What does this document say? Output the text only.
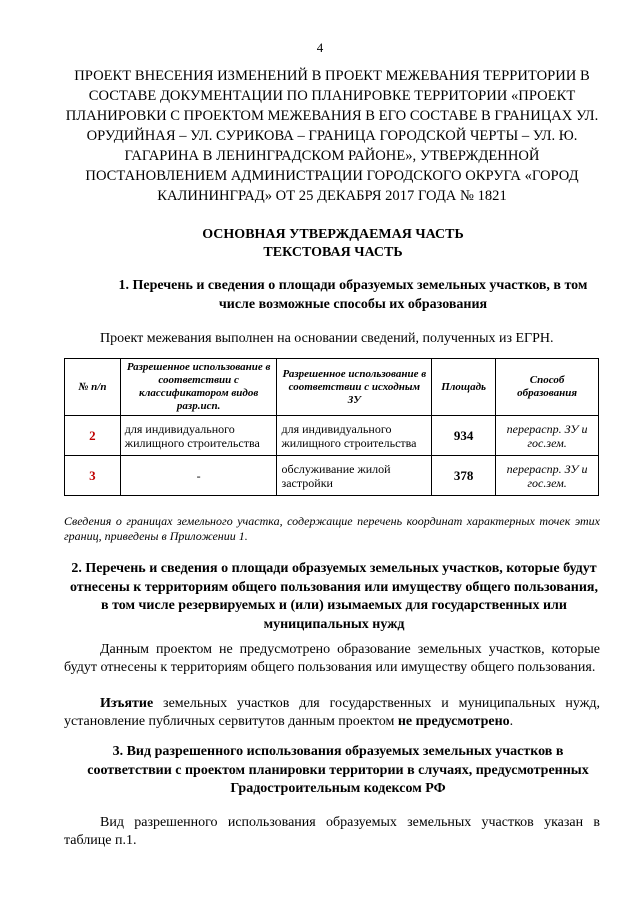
4
ПРОЕКТ ВНЕСЕНИЯ ИЗМЕНЕНИЙ В ПРОЕКТ МЕЖЕВАНИЯ ТЕРРИТОРИИ В СОСТАВЕ ДОКУМЕНТАЦИИ ПО ПЛАНИРОВКЕ ТЕРРИТОРИИ «ПРОЕКТ ПЛАНИРОВКИ С ПРОЕКТОМ МЕЖЕВАНИЯ В ЕГО СОСТАВЕ В ГРАНИЦАХ УЛ. ОРУДИЙНАЯ – УЛ. СУРИКОВА – ГРАНИЦА ГОРОДСКОЙ ЧЕРТЫ – УЛ. Ю. ГАГАРИНА В ЛЕНИНГРАДСКОМ РАЙОНЕ», УТВЕРЖДЕННОЙ ПОСТАНОВЛЕНИЕМ АДМИНИСТРАЦИИ ГОРОДСКОГО ОКРУГА «ГОРОД КАЛИНИНГРАД» ОТ 25 ДЕКАБРЯ 2017 ГОДА № 1821
ОСНОВНАЯ УТВЕРЖДАЕМАЯ ЧАСТЬ
ТЕКСТОВАЯ ЧАСТЬ
1. Перечень и сведения о площади образуемых земельных участков, в том числе возможные способы их образования

Проект межевания выполнен на основании сведений, полученных из ЕГРН.

№ п/п	Разрешенное использование в соответствии с классификатором видов разр.исп.	Разрешенное использование в соответствии с исходным ЗУ	Площадь	Способ образования
2	для индивидуального жилищного строительства	для индивидуального жилищного строительства	934	перераспр. ЗУ и гос.зем.
3	-	обслуживание жилой застройки	378	перераспр. ЗУ и гос.зем.

Сведения о границах земельного участка, содержащие перечень координат характерных точек этих границ, приведены в Приложении 1.

2. Перечень и сведения о площади образуемых земельных участков, которые будут отнесены к территориям общего пользования или имуществу общего пользования, в том числе резервируемых и (или) изымаемых для государственных или муниципальных нужд

Данным проектом не предусмотрено образование земельных участков, которые будут отнесены к территориям общего пользования или имуществу общего пользования.

Изъятие земельных участков для государственных и муниципальных нужд, установление публичных сервитутов данным проектом не предусмотрено.

3. Вид разрешенного использования образуемых земельных участков в соответствии с проектом планировки территории в случаях, предусмотренных Градостроительным кодексом РФ

Вид разрешенного использования образуемых земельных участков указан в таблице п.1.
